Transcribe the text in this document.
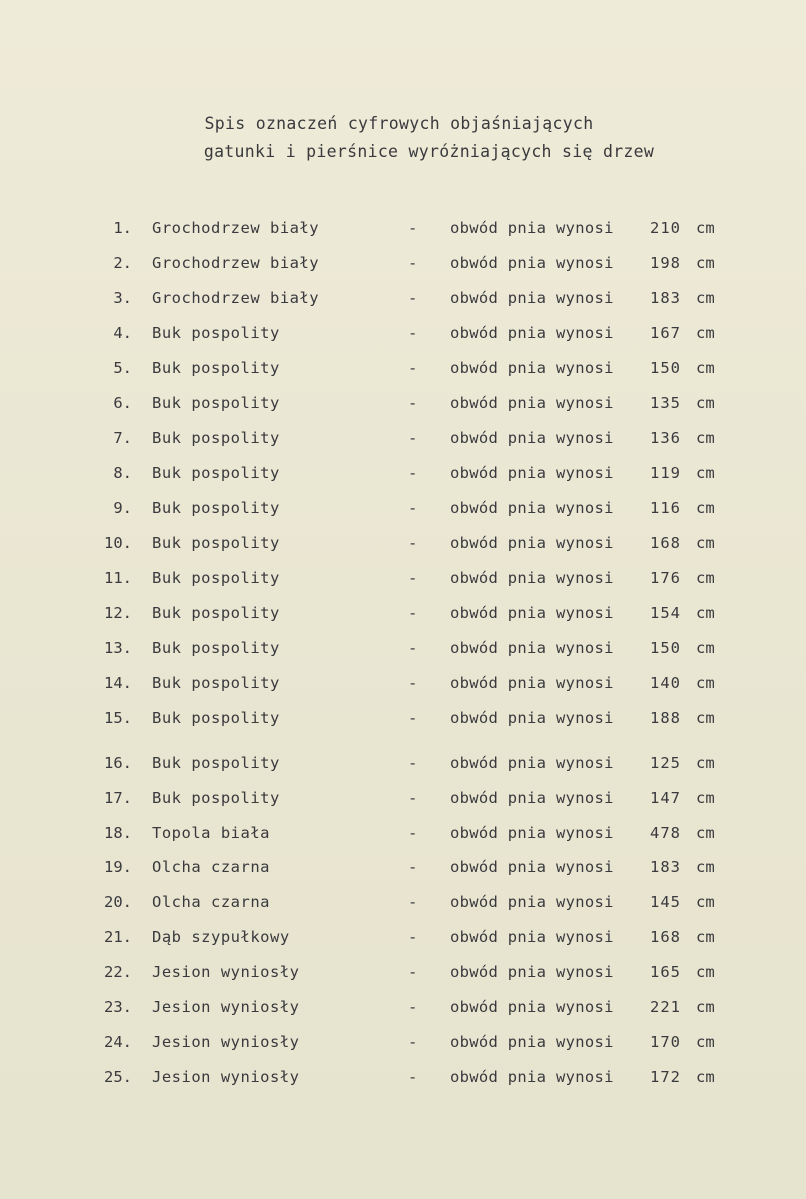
Spis oznaczeń cyfrowych objaśniających
gatunki i pierśnice wyróżniających się drzew
1. Grochodrzew biały	- obwód pnia wynosi 210 cm
2. Grochodrzew biały	- obwód pnia wynosi 198 cm
3. Grochodrzew biały	- obwód pnia wynosi 183 cm
4. Buk pospolity	- obwód pnia wynosi 167 cm
5. Buk pospolity	- obwód pnia wynosi 150 cm
6. Buk pospolity	- obwód pnia wynosi 135 cm
7. Buk pospolity	- obwód pnia wynosi 136 cm
8. Buk pospolity	- obwód pnia wynosi 119 cm
9. Buk pospolity	- obwód pnia wynosi 116 cm
10. Buk pospolity	- obwód pnia wynosi 168 cm
11. Buk pospolity	- obwód pnia wynosi 176 cm
12. Buk pospolity	- obwód pnia wynosi 154 cm
13. Buk pospolity	- obwód pnia wynosi 150 cm
14. Buk pospolity	- obwód pnia wynosi 140 cm
15. Buk pospolity	- obwód pnia wynosi 188 cm
16. Buk pospolity	- obwód pnia wynosi 125 cm
17. Buk pospolity	- obwód pnia wynosi 147 cm
18. Topola biała	- obwód pnia wynosi 478 cm
19. Olcha czarna	- obwód pnia wynosi 183 cm
20. Olcha czarna	- obwód pnia wynosi 145 cm
21. Dąb szypułkowy	- obwód pnia wynosi 168 cm
22. Jesion wyniosły	- obwód pnia wynosi 165 cm
23. Jesion wyniosły	- obwód pnia wynosi 221 cm
24. Jesion wyniosły	- obwód pnia wynosi 170 cm
25. Jesion wyniosły	- obwód pnia wynosi 172 cm
